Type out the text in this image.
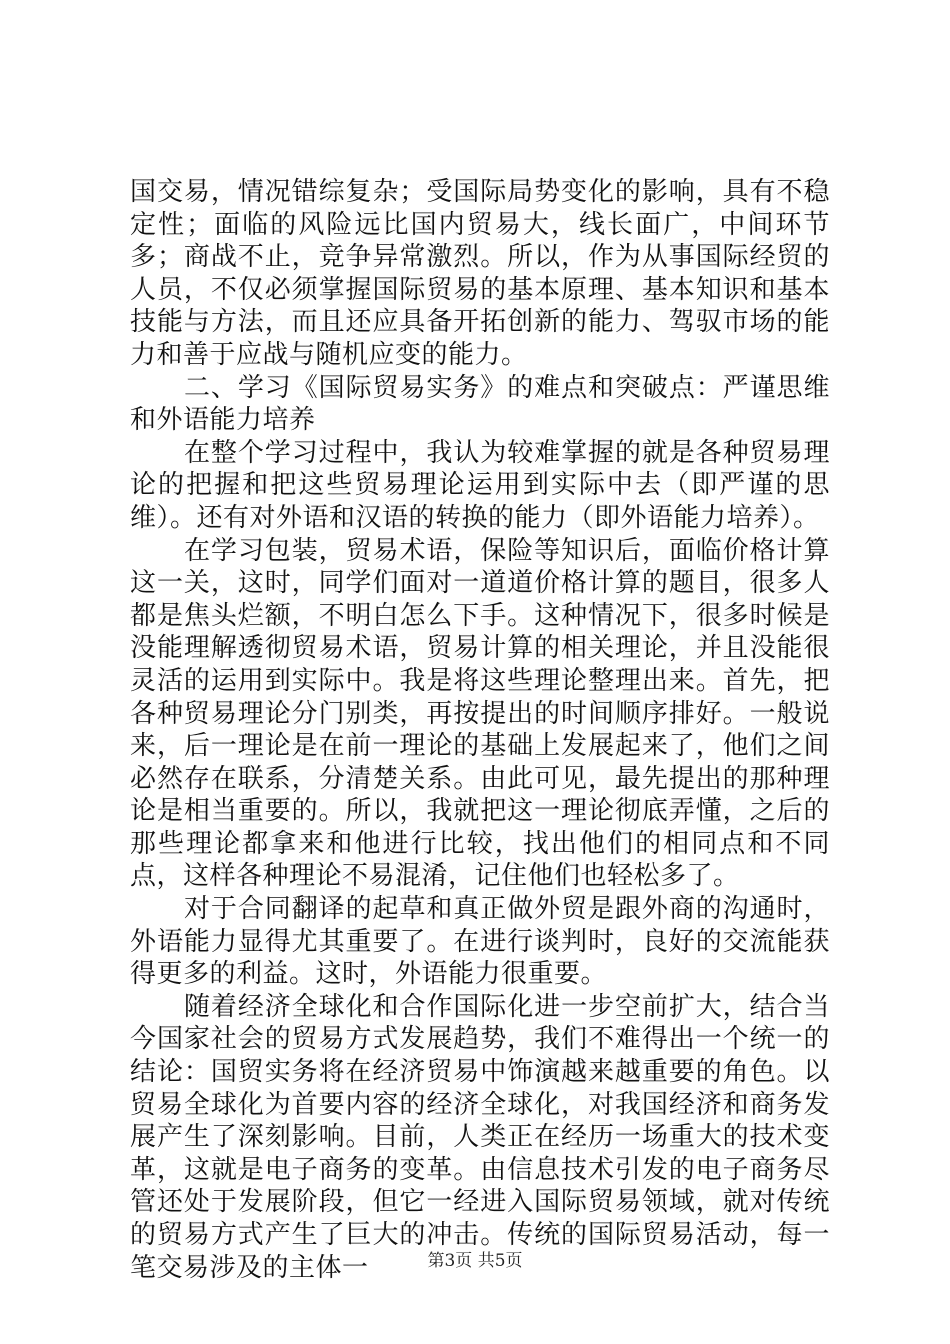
国交易，情况错综复杂；受国际局势变化的影响，具有不稳定性；面临的风险远比国内贸易大，线长面广，中间环节多；商战不止，竞争异常激烈。所以，作为从事国际经贸的人员，不仅必须掌握国际贸易的基本原理、基本知识和基本技能与方法，而且还应具备开拓创新的能力、驾驭市场的能力和善于应战与随机应变的能力。

二、学习《国际贸易实务》的难点和突破点：严谨思维和外语能力培养

在整个学习过程中，我认为较难掌握的就是各种贸易理论的把握和把这些贸易理论运用到实际中去（即严谨的思维）。还有对外语和汉语的转换的能力（即外语能力培养）。

在学习包装，贸易术语，保险等知识后，面临价格计算这一关，这时，同学们面对一道道价格计算的题目，很多人都是焦头烂额，不明白怎么下手。这种情况下，很多时候是没能理解透彻贸易术语，贸易计算的相关理论，并且没能很灵活的运用到实际中。我是将这些理论整理出来。首先，把各种贸易理论分门别类，再按提出的时间顺序排好。一般说来，后一理论是在前一理论的基础上发展起来了，他们之间必然存在联系，分清楚关系。由此可见，最先提出的那种理论是相当重要的。所以，我就把这一理论彻底弄懂，之后的那些理论都拿来和他进行比较，找出他们的相同点和不同点，这样各种理论不易混淆，记住他们也轻松多了。

对于合同翻译的起草和真正做外贸是跟外商的沟通时，外语能力显得尤其重要了。在进行谈判时，良好的交流能获得更多的利益。这时，外语能力很重要。

随着经济全球化和合作国际化进一步空前扩大，结合当今国家社会的贸易方式发展趋势，我们不难得出一个统一的结论：国贸实务将在经济贸易中饰演越来越重要的角色。以贸易全球化为首要内容的经济全球化，对我国经济和商务发展产生了深刻影响。目前，人类正在经历一场重大的技术变革，这就是电子商务的变革。由信息技术引发的电子商务尽管还处于发展阶段，但它一经进入国际贸易领域，就对传统的贸易方式产生了巨大的冲击。传统的国际贸易活动，每一笔交易涉及的主体一	第3页 共5页
